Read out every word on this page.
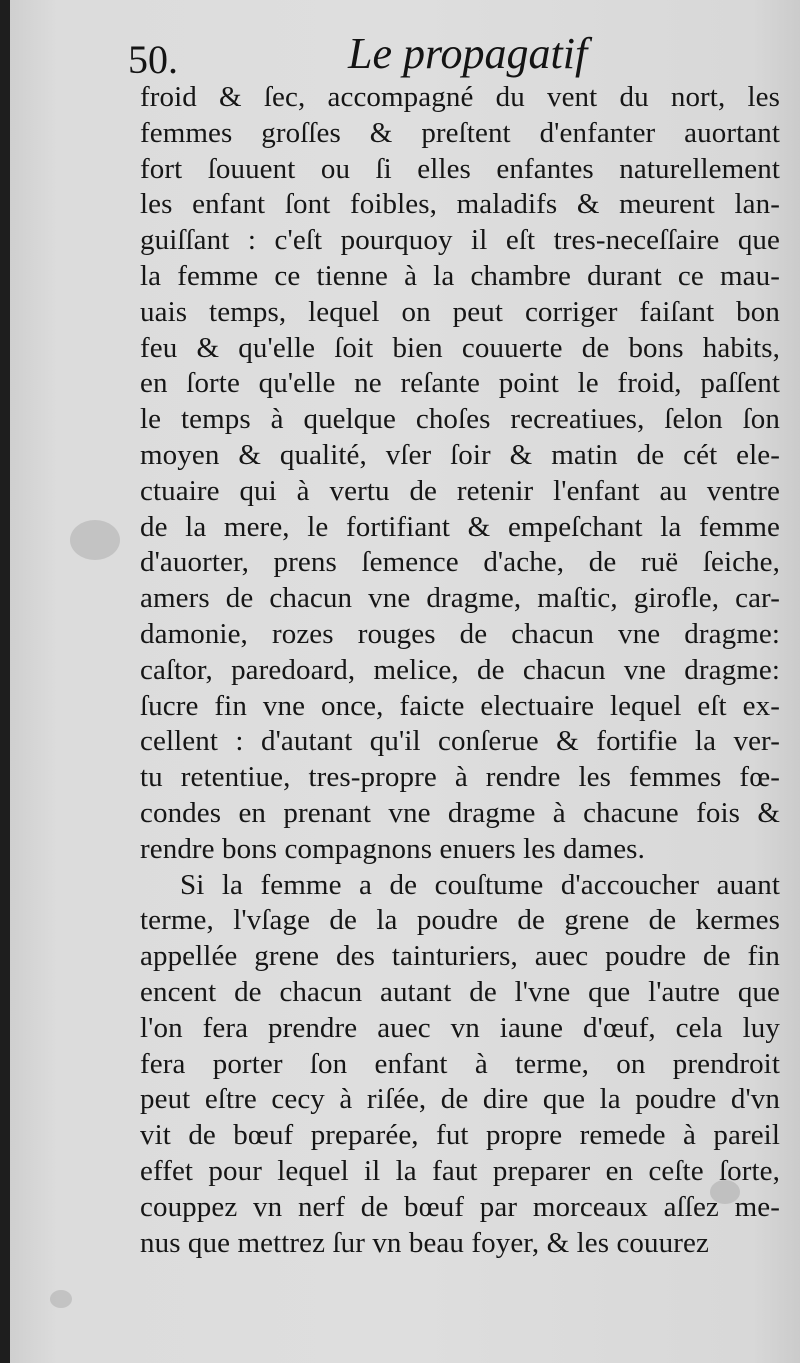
50.	Le propagatif
froid & ſec, accompagné du vent du nort, les
femmes groſſes & preſtent d'enfanter auortant
fort ſouuent ou ſi elles enfantes naturellement
les enfant ſont foibles, maladifs & meurent lan-
guiſſant : c'eſt pourquoy il eſt tres-neceſſaire que
la femme ce tienne à la chambre durant ce mau-
uais temps, lequel on peut corriger faiſant bon
feu & qu'elle ſoit bien couuerte de bons habits,
en ſorte qu'elle ne reſante point le froid, paſſent
le temps à quelque choſes recreatiues, ſelon ſon
moyen & qualité, vſer ſoir & matin de cét ele-
ctuaire qui à vertu de retenir l'enfant au ventre
de la mere, le fortifiant & empeſchant la femme
d'auorter, prens ſemence d'ache, de ruë ſeiche,
amers de chacun vne dragme, maſtic, girofle, car-
damonie, rozes rouges de chacun vne dragme:
caſtor, paredoard, melice, de chacun vne dragme:
ſucre fin vne once, faicte electuaire lequel eſt ex-
cellent : d'autant qu'il conſerue & fortifie la ver-
tu retentiue, tres-propre à rendre les femmes fœ-
condes en prenant vne dragme à chacune fois &
rendre bons compagnons enuers les dames.
Si la femme a de couſtume d'accoucher auant
terme, l'vſage de la poudre de grene de kermes
appellée grene des tainturiers, auec poudre de fin
encent de chacun autant de l'vne que l'autre que
l'on fera prendre auec vn iaune d'œuf, cela luy
fera porter ſon enfant à terme, on prendroit
peut eſtre cecy à riſée, de dire que la poudre d'vn
vit de bœuf preparée, fut propre remede à pareil
effet pour lequel il la faut preparer en ceſte ſorte,
couppez vn nerf de bœuf par morceaux aſſez me-
nus que mettrez ſur vn beau foyer, & les couurez
